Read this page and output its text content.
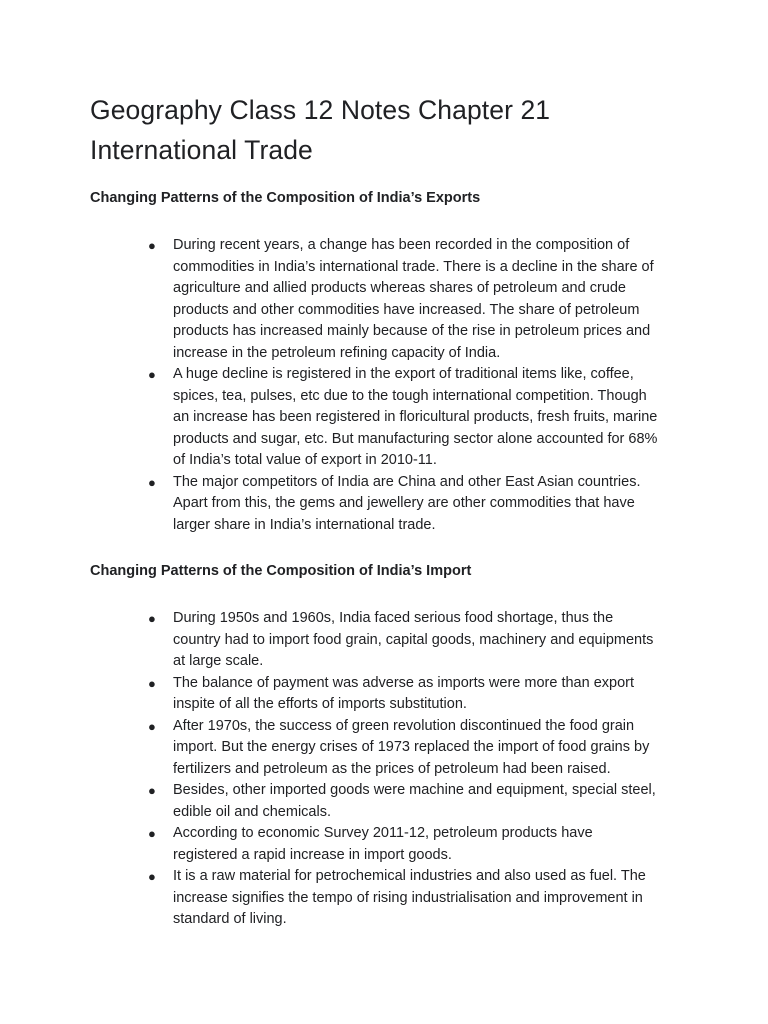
Geography Class 12 Notes Chapter 21
International Trade
Changing Patterns of the Composition of India’s Exports
● During recent years, a change has been recorded in the composition of commodities in India’s international trade. There is a decline in the share of agriculture and allied products whereas shares of petroleum and crude products and other commodities have increased. The share of petroleum products has increased mainly because of the rise in petroleum prices and increase in the petroleum refining capacity of India.
● A huge decline is registered in the export of traditional items like, coffee, spices, tea, pulses, etc due to the tough international competition. Though an increase has been registered in floricultural products, fresh fruits, marine products and sugar, etc. But manufacturing sector alone accounted for 68% of India’s total value of export in 2010-11.
● The major competitors of India are China and other East Asian countries. Apart from this, the gems and jewellery are other commodities that have larger share in India’s international trade.
Changing Patterns of the Composition of India’s Import
● During 1950s and 1960s, India faced serious food shortage, thus the country had to import food grain, capital goods, machinery and equipments at large scale.
● The balance of payment was adverse as imports were more than export inspite of all the efforts of imports substitution.
● After 1970s, the success of green revolution discontinued the food grain import. But the energy crises of 1973 replaced the import of food grains by fertilizers and petroleum as the prices of petroleum had been raised.
● Besides, other imported goods were machine and equipment, special steel, edible oil and chemicals.
● According to economic Survey 2011-12, petroleum products have registered a rapid increase in import goods.
● It is a raw material for petrochemical industries and also used as fuel. The increase signifies the tempo of rising industrialisation and improvement in standard of living.
